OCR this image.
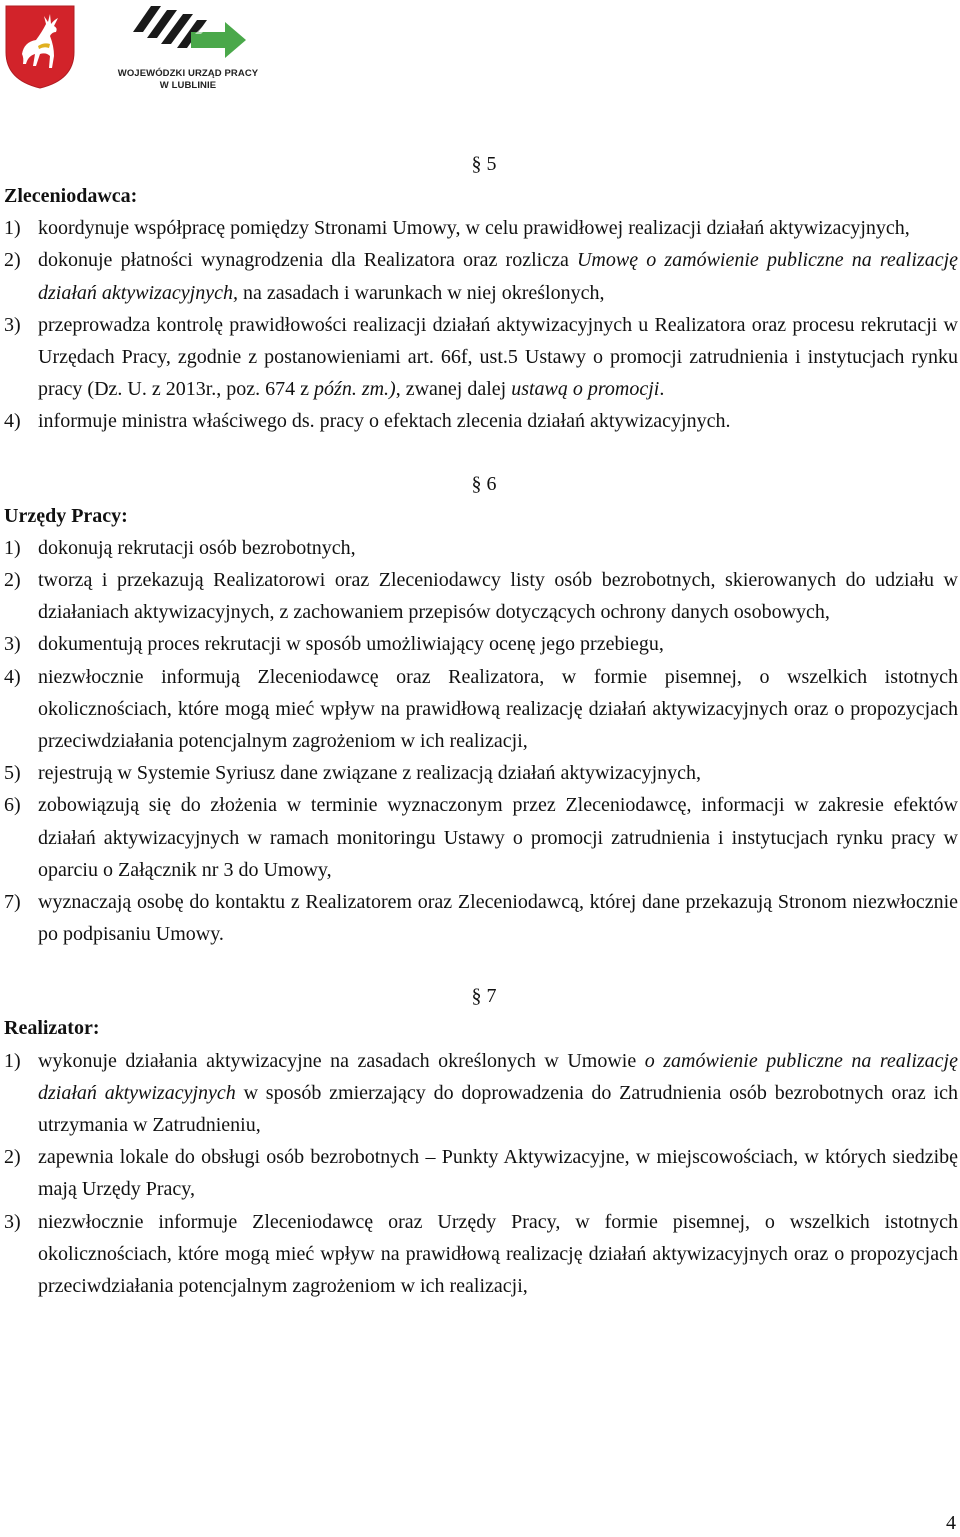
WOJEWÓDZKI URZĄD PRACY
W LUBLINIE
§ 5
Zleceniodawca:
1) koordynuje współpracę pomiędzy Stronami Umowy, w celu prawidłowej realizacji działań aktywizacyjnych,
2) dokonuje płatności wynagrodzenia dla Realizatora oraz rozlicza Umowę o zamówienie publiczne na realizację działań aktywizacyjnych, na zasadach i warunkach w niej określonych,
3) przeprowadza kontrolę prawidłowości realizacji działań aktywizacyjnych u Realizatora oraz procesu rekrutacji w Urzędach Pracy, zgodnie z postanowieniami art. 66f, ust.5 Ustawy o promocji zatrudnienia i instytucjach rynku pracy (Dz. U. z 2013r., poz. 674 z późn. zm.), zwanej dalej ustawą o promocji.
4) informuje ministra właściwego ds. pracy o efektach zlecenia działań aktywizacyjnych.
§ 6
Urzędy Pracy:
1) dokonują rekrutacji osób bezrobotnych,
2) tworzą i przekazują Realizatorowi oraz Zleceniodawcy listy osób bezrobotnych, skierowanych do udziału w działaniach aktywizacyjnych, z zachowaniem przepisów dotyczących ochrony danych osobowych,
3) dokumentują proces rekrutacji w sposób umożliwiający ocenę jego przebiegu,
4) niezwłocznie informują Zleceniodawcę oraz Realizatora, w formie pisemnej, o wszelkich istotnych okolicznościach, które mogą mieć wpływ na prawidłową realizację działań aktywizacyjnych oraz o propozycjach przeciwdziałania potencjalnym zagrożeniom w ich realizacji,
5) rejestrują w Systemie Syriusz dane związane z realizacją działań aktywizacyjnych,
6) zobowiązują się do złożenia w terminie wyznaczonym przez Zleceniodawcę, informacji w zakresie efektów działań aktywizacyjnych w ramach monitoringu Ustawy o promocji zatrudnienia i instytucjach rynku pracy w oparciu o Załącznik nr 3 do Umowy,
7) wyznaczają osobę do kontaktu z Realizatorem oraz Zleceniodawcą, której dane przekazują Stronom niezwłocznie po podpisaniu Umowy.
§ 7
Realizator:
1) wykonuje działania aktywizacyjne na zasadach określonych w Umowie o zamówienie publiczne na realizację działań aktywizacyjnych w sposób zmierzający do doprowadzenia do Zatrudnienia osób bezrobotnych oraz ich utrzymania w Zatrudnieniu,
2) zapewnia lokale do obsługi osób bezrobotnych – Punkty Aktywizacyjne, w miejscowościach, w których siedzibę mają Urzędy Pracy,
3) niezwłocznie informuje Zleceniodawcę oraz Urzędy Pracy, w formie pisemnej, o wszelkich istotnych okolicznościach, które mogą mieć wpływ na prawidłową realizację działań aktywizacyjnych oraz o propozycjach przeciwdziałania potencjalnym zagrożeniom w ich realizacji,
4
